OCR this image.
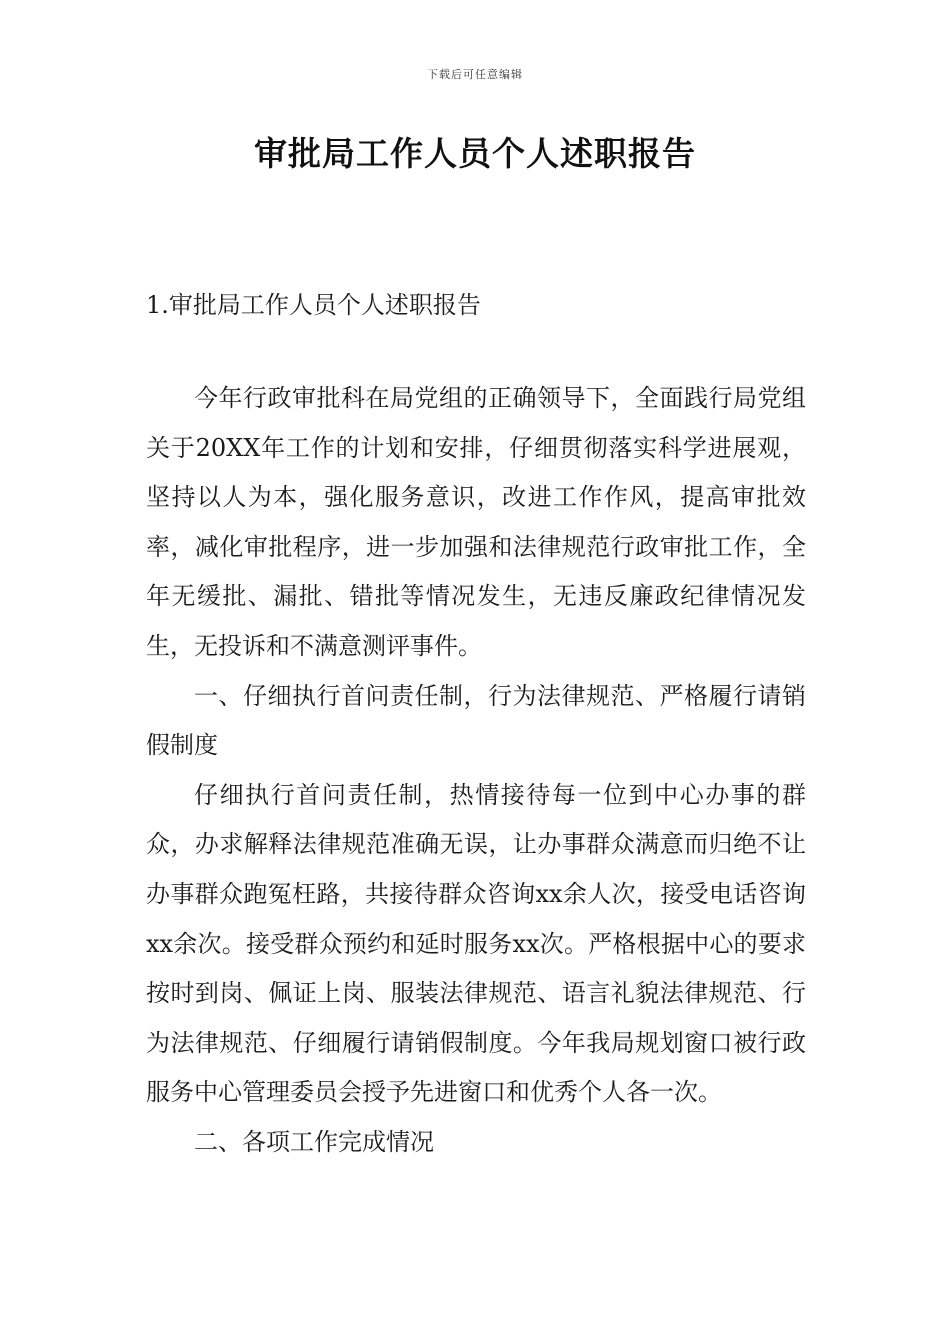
下载后可任意编辑
审批局工作人员个人述职报告
1.审批局工作人员个人述职报告

今年行政审批科在局党组的正确领导下，全面践行局党组关于20XX年工作的计划和安排，仔细贯彻落实科学进展观，坚持以人为本，强化服务意识，改进工作作风，提高审批效率，减化审批程序，进一步加强和法律规范行政审批工作，全年无缓批、漏批、错批等情况发生，无违反廉政纪律情况发生，无投诉和不满意测评事件。

一、仔细执行首问责任制，行为法律规范、严格履行请销假制度

仔细执行首问责任制，热情接待每一位到中心办事的群众，办求解释法律规范准确无误，让办事群众满意而归绝不让办事群众跑冤枉路，共接待群众咨询xx余人次，接受电话咨询xx余次。接受群众预约和延时服务xx次。严格根据中心的要求按时到岗、佩证上岗、服装法律规范、语言礼貌法律规范、行为法律规范、仔细履行请销假制度。今年我局规划窗口被行政服务中心管理委员会授予先进窗口和优秀个人各一次。

二、各项工作完成情况
